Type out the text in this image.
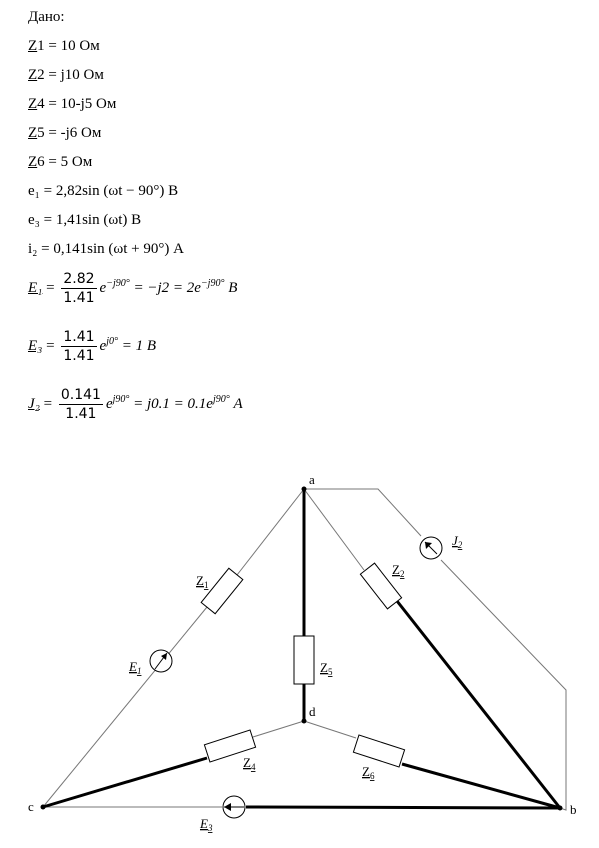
Дано:
Z1 = 10 Ом
Z2 = j10 Ом
Z4 = 10-j5 Ом
Z5 = -j6 Ом
Z6 = 5 Ом
e₁ = 2,82sin (ωt − 90°) В
e₃ = 1,41sin (ωt) В
i₂ = 0,141sin (ωt + 90°) А
$E_1 = \frac{2.82}{1.41} e^{-j90^\circ} = -j2 = 2e^{-j90^\circ}$ B
$E_3 = \frac{1.41}{1.41} e^{j0^\circ} = 1$ B
$J_2 = \frac{0.141}{1.41} e^{j90^\circ} = j0.1 = 0.1e^{j90^\circ}$ A
a
d
c	b
$Z_1$
$Z_2$
$Z_5$
$Z_4$	$Z_6$
$E_1$
$E_3$
$J_2$
